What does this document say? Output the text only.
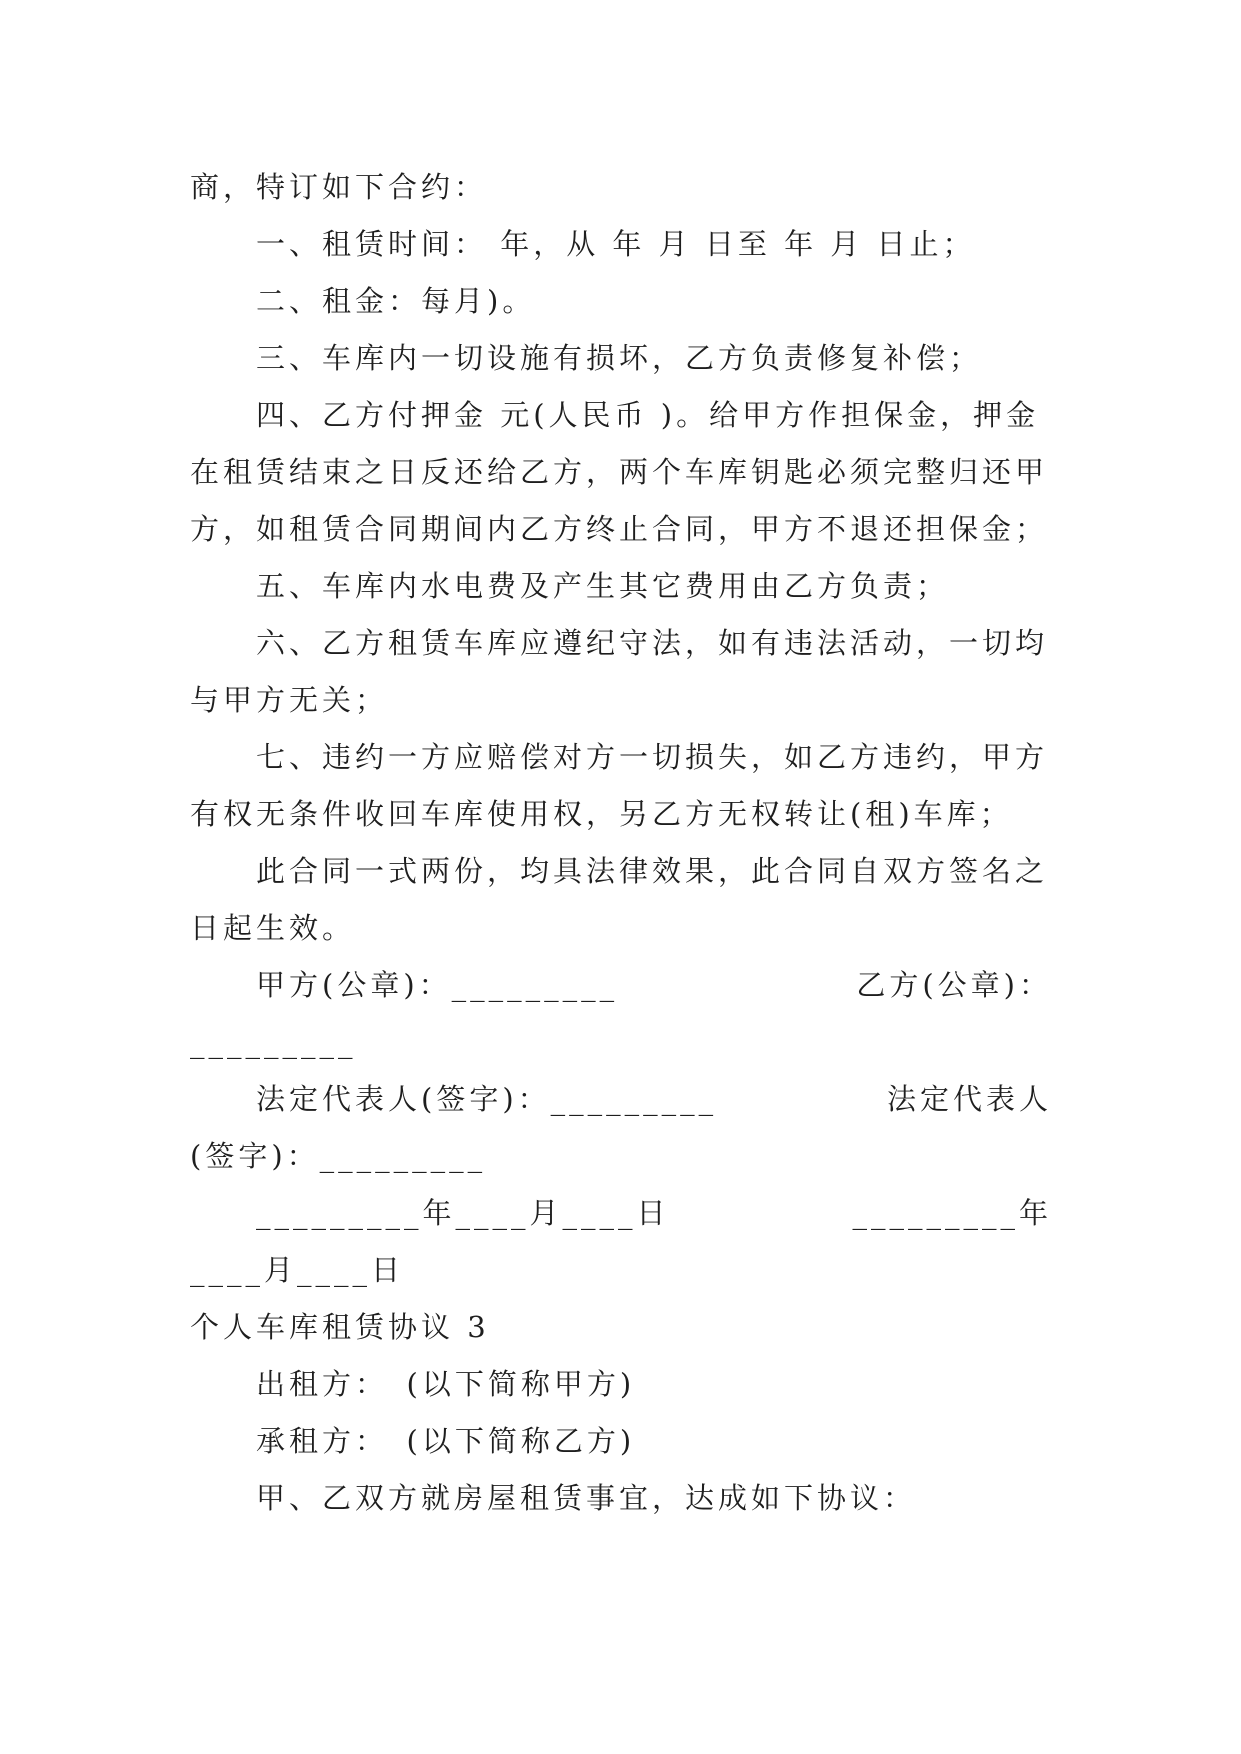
商，特订如下合约：
一、租赁时间： 年，从 年 月 日至 年 月 日止；
二、租金：每月)。
三、车库内一切设施有损坏，乙方负责修复补偿；
四、乙方付押金 元(人民币 )。给甲方作担保金，押金
在租赁结束之日反还给乙方，两个车库钥匙必须完整归还甲
方，如租赁合同期间内乙方终止合同，甲方不退还担保金；
五、车库内水电费及产生其它费用由乙方负责；
六、乙方租赁车库应遵纪守法，如有违法活动，一切均
与甲方无关；
七、违约一方应赔偿对方一切损失，如乙方违约，甲方
有权无条件收回车库使用权，另乙方无权转让(租)车库；
此合同一式两份，均具法律效果，此合同自双方签名之
日起生效。
甲方(公章)：_________	乙方(公章)：
_________
法定代表人(签字)：_________	法定代表人
(签字)：_________
_________年____月____日	_________年
____月____日
个人车库租赁协议 3
出租方：　(以下简称甲方)
承租方：　(以下简称乙方)
甲、乙双方就房屋租赁事宜，达成如下协议：
